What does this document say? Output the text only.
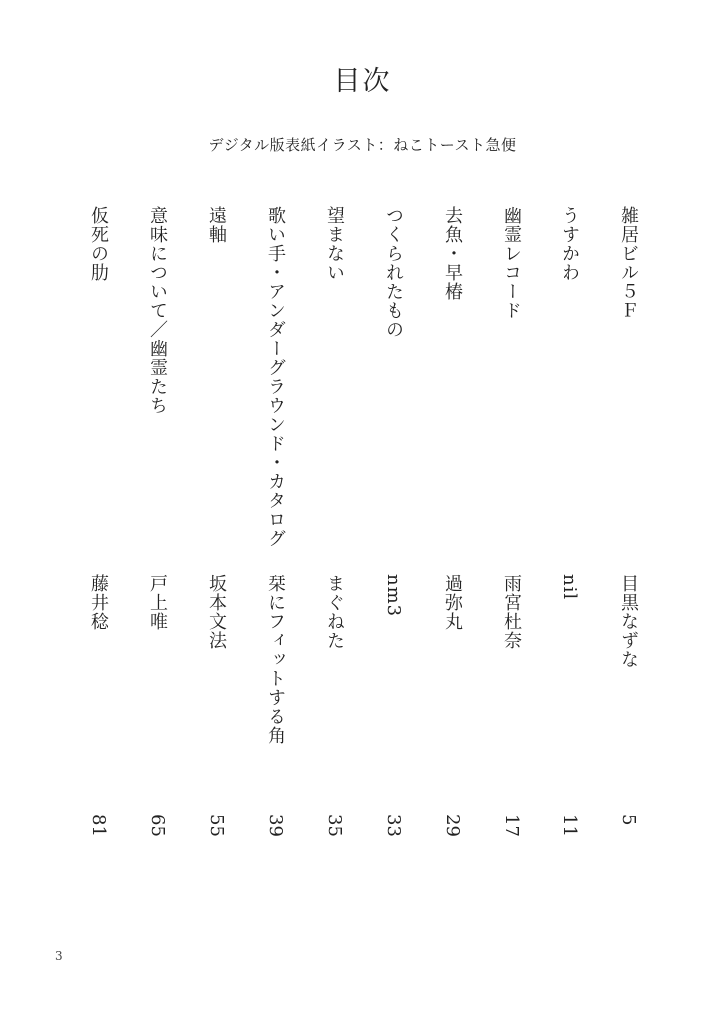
目次
デジタル版表紙イラスト：ねこトースト急便
雑居ビル５Ｆ
目黒なずな
5
うすかわ
nil
11
幽霊レコード
雨宮杜奈
17
去魚・早椿
過弥丸
29
つくられたもの
nm3
33
望まない
まぐねた
35
歌い手・アンダーグラウンド・カタログ
栞にフィットする角
39
遠軸
坂本文法
55
意味について／幽霊たち
戸上唯
65
仮死の肋
藤井稔
81
3
